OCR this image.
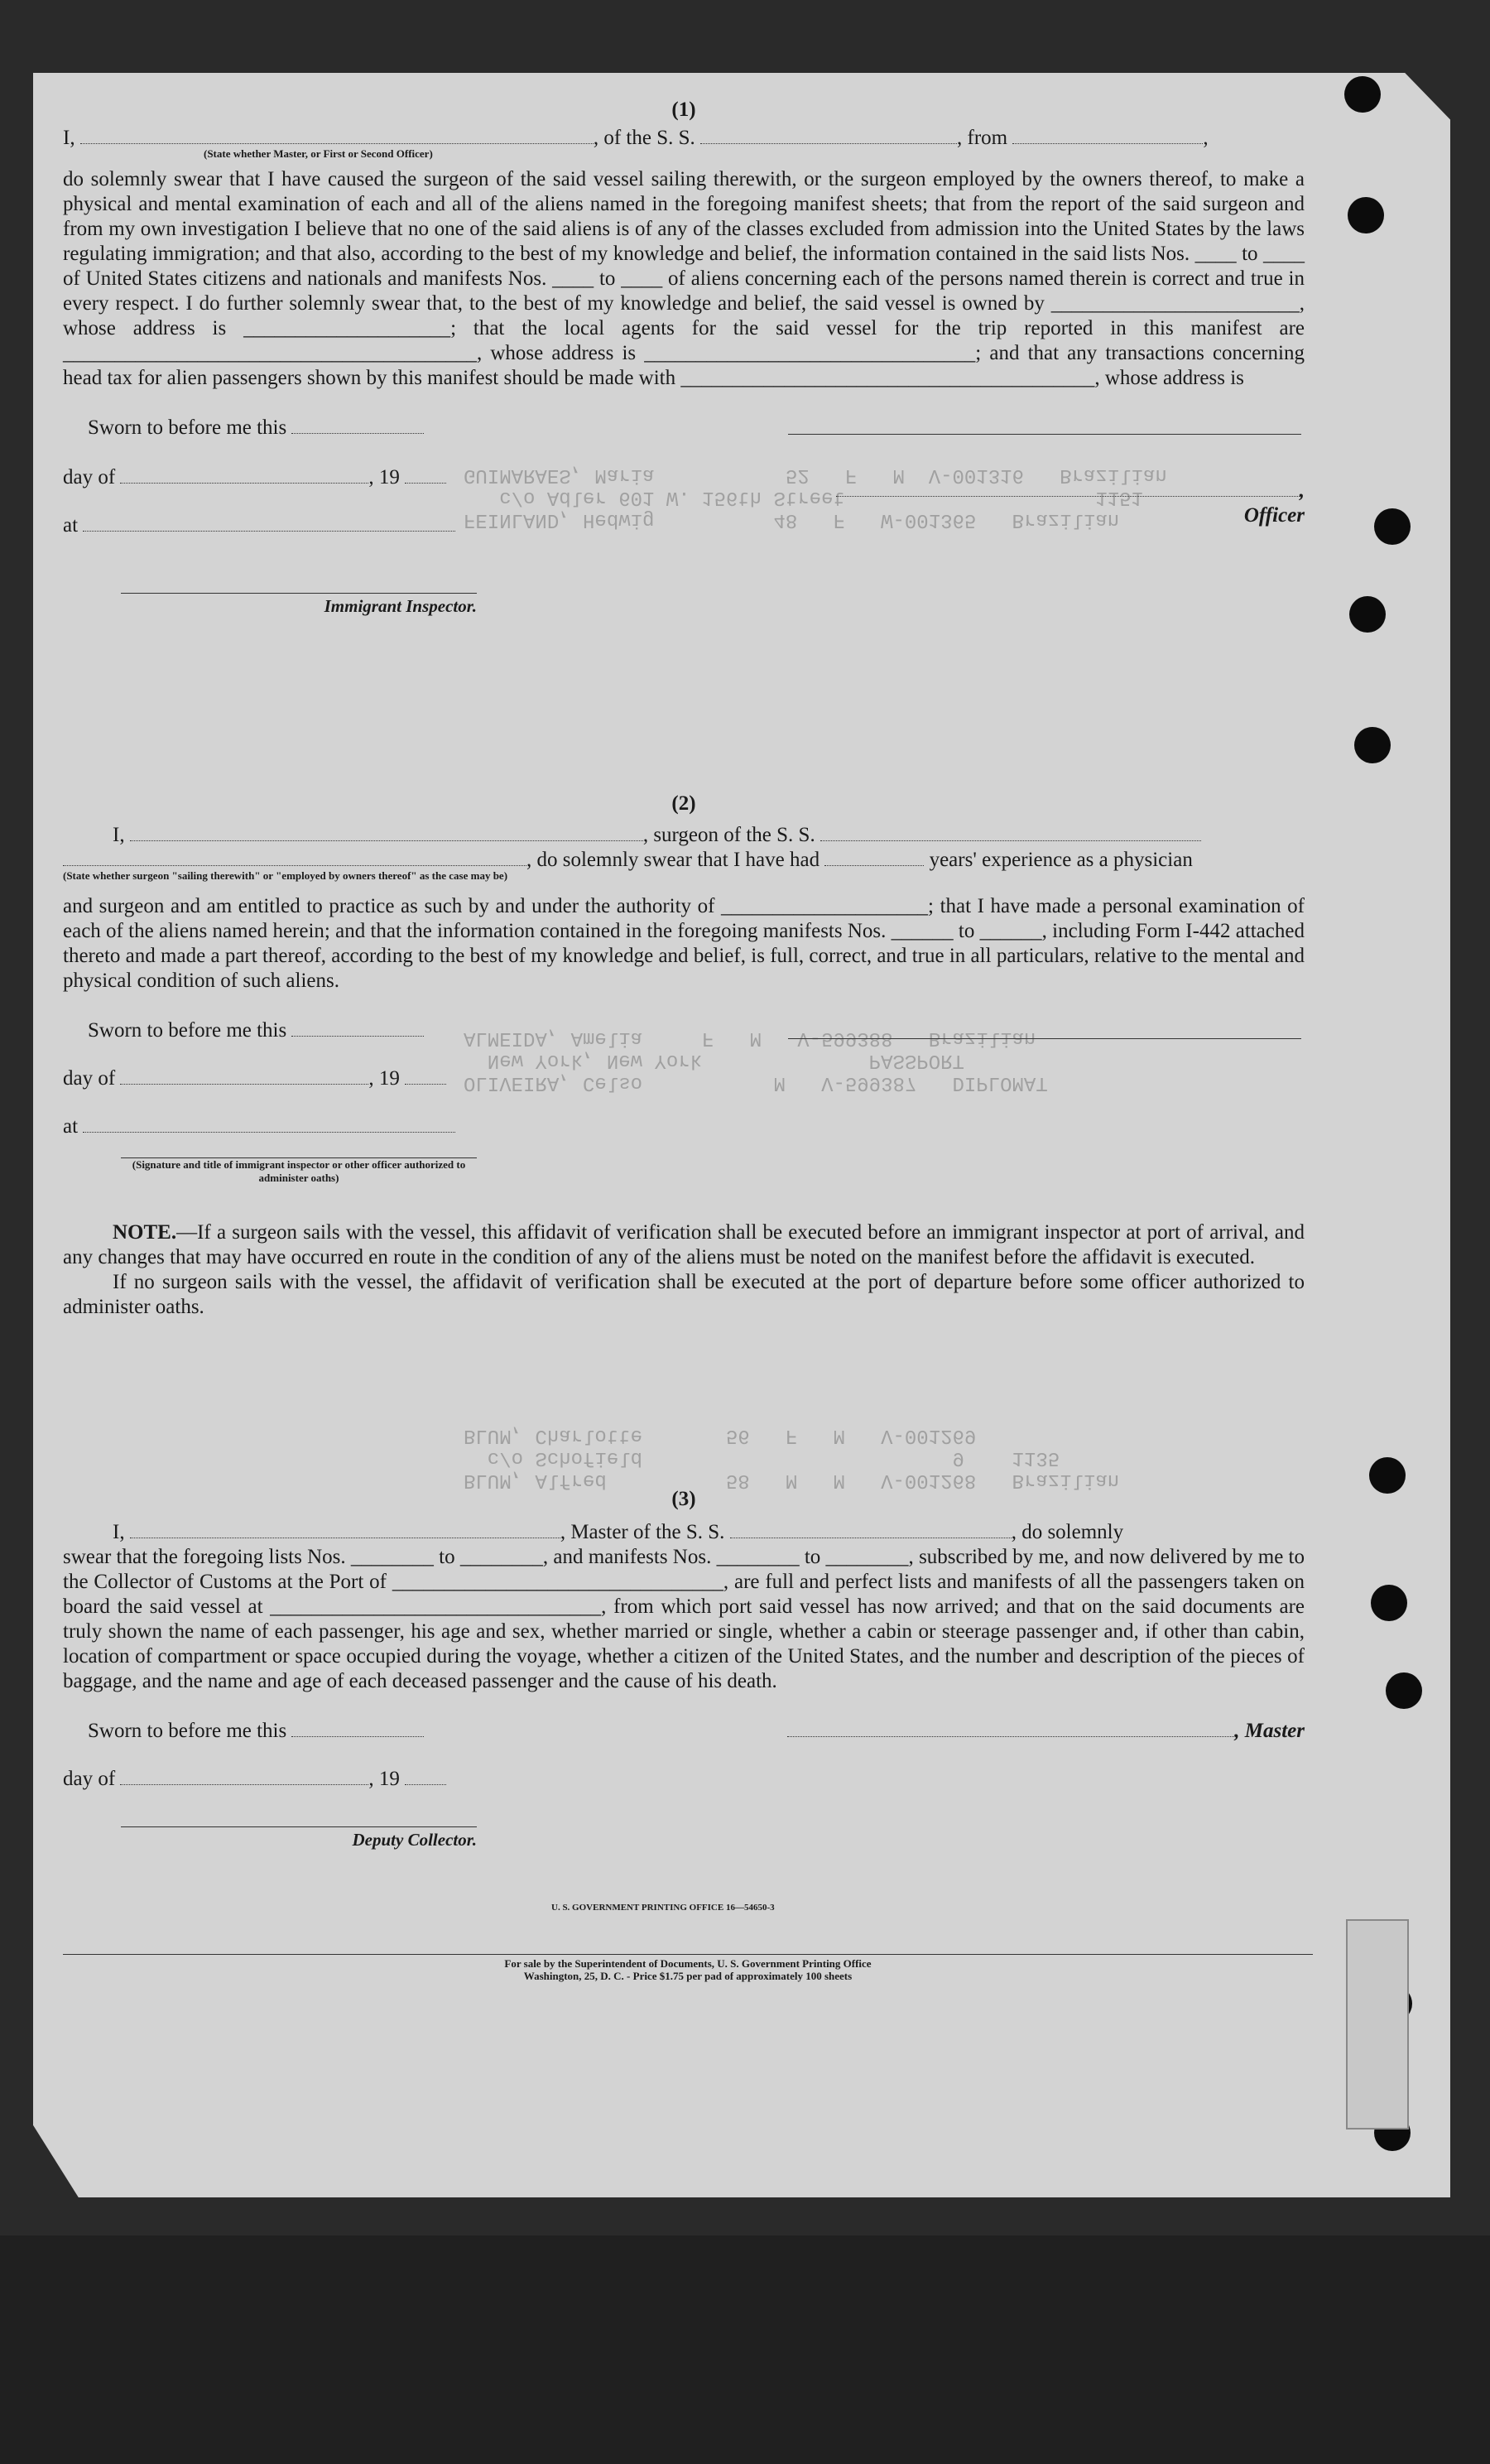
FEINLAND, Hedwig          48   F   W-001365   Brazilian
c/o Adler 601 W. 156th Street                     1151
GUIMARAES, Maria           52   F   M  V-001316   Brazilian
OLIVEIRA, Celso           M   V-599387   DIPLOMAT
New York, New York              PASSPORT
ALMEIDA, Amelia     F   M   V-599388   Brazilian
BLUM, Alfred          58   M   M   V-001268   Brazilian
c/o Schofield                          9    1135
BLUM, Charlotte       56   F   M   V-001269
(1)
I,	, of the S. S.	, from	,
(State whether Master, or First or Second Officer)
do solemnly swear that I have caused the surgeon of the said vessel sailing therewith, or the surgeon employed by the owners thereof, to make a physical and mental examination of each and all of the aliens named in the foregoing manifest sheets; that from the report of the said surgeon and from my own investigation I believe that no one of the said aliens is of any of the classes excluded from admission into the United States by the laws regulating immigration; and that also, according to the best of my knowledge and belief, the information contained in the said lists Nos. ____ to ____ of United States citizens and nationals and manifests Nos. ____ to ____ of aliens concerning each of the persons named therein is correct and true in every respect. I do further solemnly swear that, to the best of my knowledge and belief, the said vessel is owned by ________________________, whose address is ____________________; that the local agents for the said vessel for the trip reported in this manifest are ________________________________________, whose address is ________________________________; and that any transactions concerning head tax for alien passengers shown by this manifest should be made with ________________________________________, whose address is
Sworn to before me this
day of	, 19
at
Immigrant Inspector.
, Officer
(2)
I,	, surgeon of the S. S.
, do solemnly swear that I have had	years' experience as a physician
(State whether surgeon "sailing therewith" or "employed by owners thereof" as the case may be)
and surgeon and am entitled to practice as such by and under the authority of ____________________; that I have made a personal examination of each of the aliens named herein; and that the information contained in the foregoing manifests Nos. ______ to ______, including Form I-442 attached thereto and made a part thereof, according to the best of my knowledge and belief, is full, correct, and true in all particulars, relative to the mental and physical condition of such aliens.
Sworn to before me this
day of	, 19
at
(Signature and title of immigrant inspector or other officer authorized to administer oaths)
NOTE.—If a surgeon sails with the vessel, this affidavit of verification shall be executed before an immigrant inspector at port of arrival, and any changes that may have occurred en route in the condition of any of the aliens must be noted on the manifest before the affidavit is executed.
If no surgeon sails with the vessel, the affidavit of verification shall be executed at the port of departure before some officer authorized to administer oaths.
(3)
I,	, Master of the S. S.	, do solemnly
swear that the foregoing lists Nos. ________ to ________, and manifests Nos. ________ to ________, subscribed by me, and now delivered by me to the Collector of Customs at the Port of ________________________________, are full and perfect lists and manifests of all the passengers taken on board the said vessel at ________________________________, from which port said vessel has now arrived; and that on the said documents are truly shown the name of each passenger, his age and sex, whether married or single, whether a cabin or steerage passenger and, if other than cabin, location of compartment or space occupied during the voyage, whether a citizen of the United States, and the number and description of the pieces of baggage, and the name and age of each deceased passenger and the cause of his death.
Sworn to before me this
day of	, 19
Deputy Collector.
, Master
U. S. GOVERNMENT PRINTING OFFICE 16—54650-3
For sale by the Superintendent of Documents, U. S. Government Printing Office
Washington, 25, D. C. - Price $1.75 per pad of approximately 100 sheets
